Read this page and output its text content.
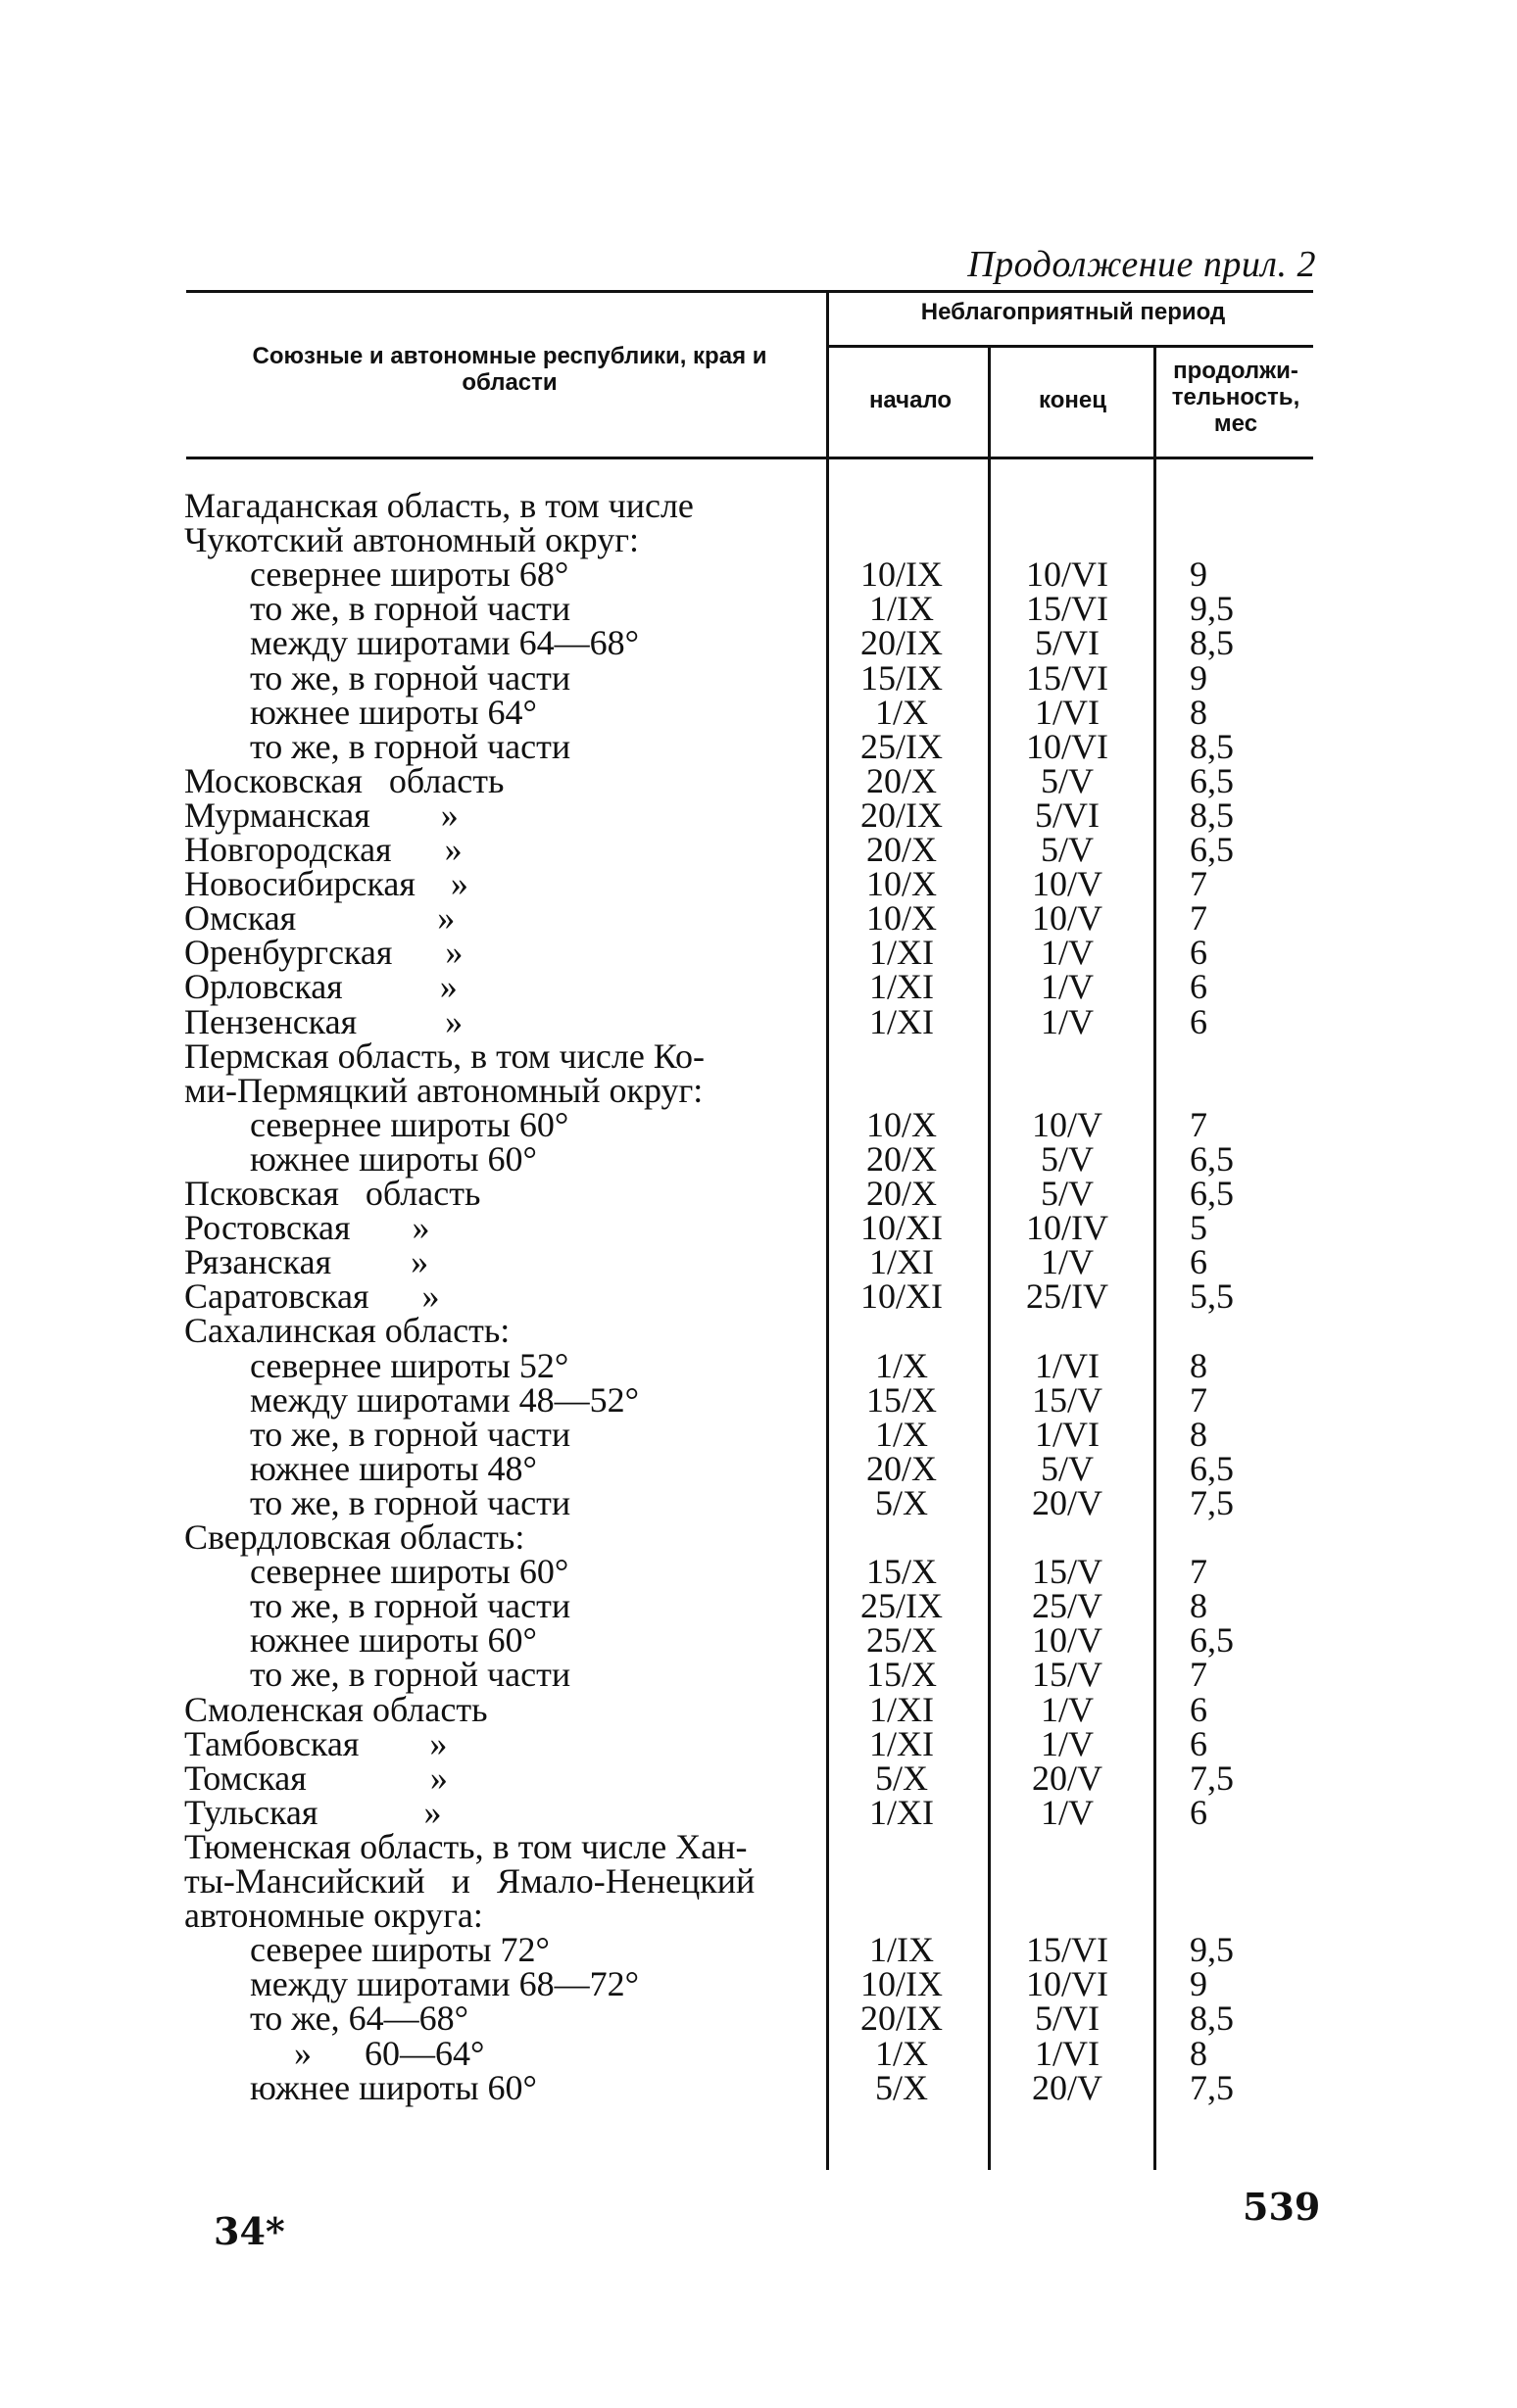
Продолжение прил. 2
Союзные и автономные республики, края и области
Неблагоприятный период
начало	конец
продолжи-тельность, мес
Магаданская область, в том числе
Чукотский автономный округ:
севернее широты 68°	10/IX	10/VI	9
то же, в горной части	1/IX	15/VI	9,5
между широтами 64—68°	20/IX	5/VI	8,5
то же, в горной части	15/IX	15/VI	9
южнее широты 64°	1/X	1/VI	8
то же, в горной части	25/IX	10/VI	8,5
Московская   область	20/X	5/V	6,5
Мурманская        »	20/IX	5/VI	8,5
Новгородская      »	20/X	5/V	6,5
Новосибирская    »	10/X	10/V	7
Омская                »	10/X	10/V	7
Оренбургская      »	1/XI	1/V	6
Орловская           »	1/XI	1/V	6
Пензенская          »	1/XI	1/V	6
Пермская область, в том числе Ко-
ми-Пермяцкий автономный округ:
севернее широты 60°	10/X	10/V	7
южнее широты 60°	20/X	5/V	6,5
Псковская   область	20/X	5/V	6,5
Ростовская       »	10/XI	10/IV	5
Рязанская         »	1/XI	1/V	6
Саратовская      »	10/XI	25/IV	5,5
Сахалинская область:
севернее широты 52°	1/X	1/VI	8
между широтами 48—52°	15/X	15/V	7
то же, в горной части	1/X	1/VI	8
южнее широты 48°	20/X	5/V	6,5
то же, в горной части	5/X	20/V	7,5
Свердловская область:
севернее широты 60°	15/X	15/V	7
то же, в горной части	25/IX	25/V	8
южнее широты 60°	25/X	10/V	6,5
то же, в горной части	15/X	15/V	7
Смоленская область	1/XI	1/V	6
Тамбовская        »	1/XI	1/V	6
Томская              »	5/X	20/V	7,5
Тульская            »	1/XI	1/V	6
Тюменская область, в том числе Хан-
ты-Мансийский   и   Ямало-Ненецкий
автономные округа:
северее широты 72°	1/IX	15/VI	9,5
между широтами 68—72°	10/IX	10/VI	9
то же, 64—68°	20/IX	5/VI	8,5
»      60—64°	1/X	1/VI	8
южнее широты 60°	5/X	20/V	7,5
34*
539
